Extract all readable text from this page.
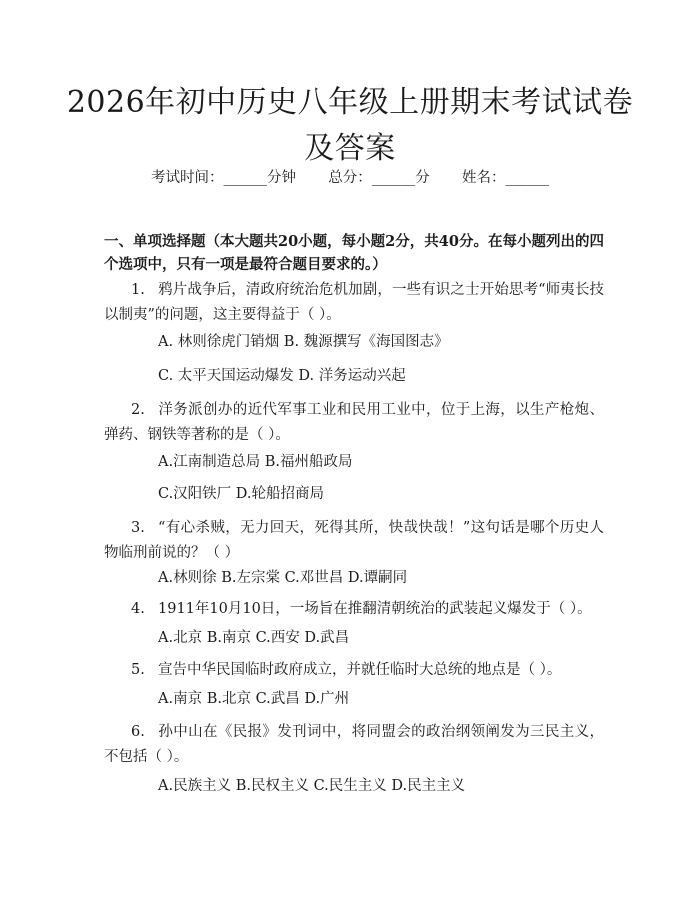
2026年初中历史八年级上册期末考试试卷及答案
考试时间：______分钟       总分：______分       姓名：______
一、单项选择题（本大题共20小题，每小题2分，共40分。在每小题列出的四个选项中，只有一项是最符合题目要求的。）
1. 鸦片战争后，清政府统治危机加剧，一些有识之士开始思考“师夷长技以制夷”的问题，这主要得益于（ ）。
A. 林则徐虎门销烟 B. 魏源撰写《海国图志》
C. 太平天国运动爆发 D. 洋务运动兴起
2. 洋务派创办的近代军事工业和民用工业中，位于上海，以生产枪炮、弹药、钢铁等著称的是（ ）。
A.江南制造总局 B.福州船政局
C.汉阳铁厂 D.轮船招商局
3. “有心杀贼，无力回天，死得其所，快哉快哉！”这句话是哪个历史人物临刑前说的？（ ）
A.林则徐 B.左宗棠 C.邓世昌 D.谭嗣同
4. 1911年10月10日，一场旨在推翻清朝统治的武装起义爆发于（ ）。
A.北京 B.南京 C.西安 D.武昌
5. 宣告中华民国临时政府成立，并就任临时大总统的地点是（ ）。
A.南京 B.北京 C.武昌 D.广州
6. 孙中山在《民报》发刊词中，将同盟会的政治纲领阐发为三民主义，不包括（ ）。
A.民族主义 B.民权主义 C.民生主义 D.民主主义
